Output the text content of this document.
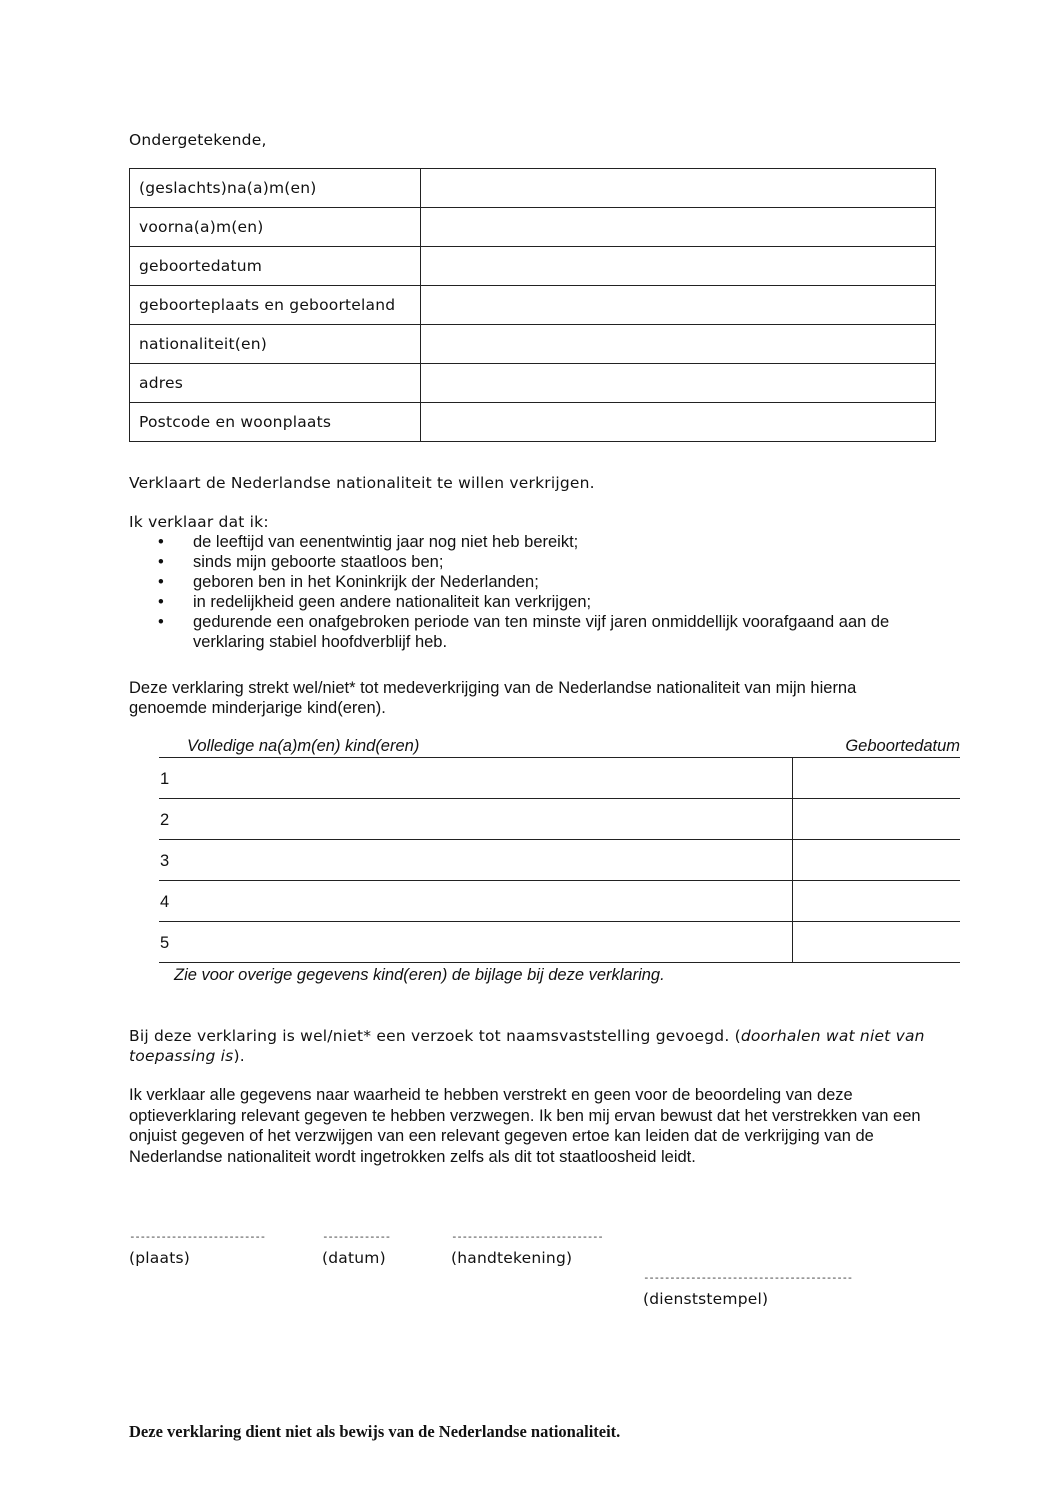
Ondergetekende,
(geslachts)na(a)m(en)	
voorna(a)m(en)	
geboortedatum	
geboorteplaats en geboorteland	
nationaliteit(en)	
adres	
Postcode en woonplaats	
Verklaart de Nederlandse nationaliteit te willen verkrijgen.
Ik verklaar dat ik:
• de leeftijd van eenentwintig jaar nog niet heb bereikt;
• sinds mijn geboorte staatloos ben;
• geboren ben in het Koninkrijk der Nederlanden;
• in redelijkheid geen andere nationaliteit kan verkrijgen;
• gedurende een onafgebroken periode van ten minste vijf jaren onmiddellijk voorafgaand aan de verklaring stabiel hoofdverblijf heb.
Deze verklaring strekt wel/niet* tot medeverkrijging van de Nederlandse nationaliteit van mijn hierna genoemde minderjarige kind(eren).
Volledige na(a)m(en) kind(eren)	Geboortedatum
1
2
3
4
5
Zie voor overige gegevens kind(eren) de bijlage bij deze verklaring.
Bij deze verklaring is wel/niet* een verzoek tot naamsvaststelling gevoegd. (doorhalen wat niet van toepassing is).
Ik verklaar alle gegevens naar waarheid te hebben verstrekt en geen voor de beoordeling van deze optieverklaring relevant gegeven te hebben verzwegen. Ik ben mij ervan bewust dat het verstrekken van een onjuist gegeven of het verzwijgen van een relevant gegeven ertoe kan leiden dat de verkrijging van de Nederlandse nationaliteit wordt ingetrokken zelfs als dit tot staatloosheid leidt.
--------------------------
(plaats)
-------------
(datum)
-----------------------------
(handtekening)
----------------------------------------
(dienststempel)
Deze verklaring dient niet als bewijs van de Nederlandse nationaliteit.
